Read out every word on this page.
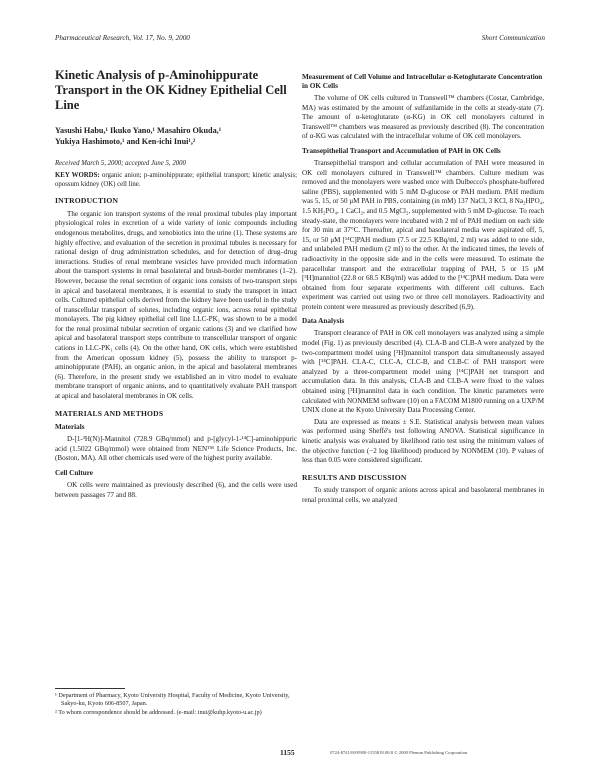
Pharmaceutical Research, Vol. 17, No. 9, 2000	Short Communication
Kinetic Analysis of p-Aminohippurate Transport in the OK Kidney Epithelial Cell Line
Yasushi Habu,¹ Ikuko Yano,¹ Masahiro Okuda,¹
Yukiya Hashimoto,¹ and Ken-ichi Inui¹,²
Received March 5, 2000; accepted June 5, 2000
KEY WORDS: organic anion; p-aminohippurate; epithelial transport; kinetic analysis; opossum kidney (OK) cell line.
INTRODUCTION

The organic ion transport systems of the renal proximal tubules play important physiological roles in excretion of a wide variety of ionic compounds including endogenous metabolites, drugs, and xenobiotics into the urine (1). These systems are highly effective, and evaluation of the secretion in proximal tubules is necessary for rational design of drug administration schedules, and for detection of drug–drug interactions. Studies of renal membrane vesicles have provided much information about the transport systems in renal basolateral and brush-border membranes (1–2). However, because the renal secretion of organic ions consists of two-transport steps in apical and basolateral membranes, it is essential to study the transport in intact cells. Cultured epithelial cells derived from the kidney have been useful in the study of transcellular transport of solutes, including organic ions, across renal epithelial monolayers. The pig kidney epithelial cell line LLC-PK₁ was shown to be a model for the renal proximal tubular secretion of organic cations (3) and we clarified how apical and basolateral transport steps contribute to transcellular transport of organic cations in LLC-PK₁ cells (4). On the other hand, OK cells, which were established from the American opossum kidney (5), possess the ability to transport p-aminohippurate (PAH), an organic anion, in the apical and basolateral membranes (6). Therefore, in the present study we established an in vitro model to evaluate membrane transport of organic anions, and to quantitatively evaluate PAH transport at apical and basolateral membranes in OK cells.

MATERIALS AND METHODS
Materials

D-[1-³H(N)]-Mannitol (728.9 GBq/mmol) and p-[glycyl-1-¹⁴C]-aminohippuric acid (1.5022 GBq/mmol) were obtained from NEN™ Life Science Products, Inc. (Boston, MA). All other chemicals used were of the highest purity available.

Cell Culture

OK cells were maintained as previously described (6), and the cells were used between passages 77 and 88.

¹ Department of Pharmacy, Kyoto University Hospital, Faculty of Medicine, Kyoto University, Sakyo-ku, Kyoto 606-8507, Japan.

² To whom correspondence should be addressed. (e-mail: inui@kuhp.kyoto-u.ac.jp)

Measurement of Cell Volume and Intracellular α-Ketoglutarate Concentration in OK Cells

The volume of OK cells cultured in Transwell™ chambers (Costar, Cambridge, MA) was estimated by the amount of sulfanilamide in the cells at steady-state (7). The amount of α-ketoglutarate (α-KG) in OK cell monolayers cultured in Transwell™ chambers was measured as previously described (8). The concentration of α-KG was calculated with the intracellular volume of OK cell monolayers.

Transepithelial Transport and Accumulation of PAH in OK Cells

Transepithelial transport and cellular accumulation of PAH were measured in OK cell monolayers cultured in Transwell™ chambers. Culture medium was removed and the monolayers were washed once with Dulbecco's phosphate-buffered saline (PBS), supplemented with 5 mM D-glucose or PAH medium. PAH medium was 5, 15, or 50 μM PAH in PBS, containing (in mM) 137 NaCl, 3 KCl, 8 Na₂HPO₄, 1.5 KH₂PO₄, 1 CaCl₂, and 0.5 MgCl₂, supplemented with 5 mM D-glucose. To reach steady-state, the monolayers were incubated with 2 ml of PAH medium on each side for 30 min at 37°C. Thereafter, apical and basolateral media were aspirated off, 5, 15, or 50 μM [¹⁴C]PAH medium (7.5 or 22.5 KBq/ml, 2 ml) was added to one side, and unlabeled PAH medium (2 ml) to the other. At the indicated times, the levels of radioactivity in the opposite side and in the cells were measured. To estimate the paracellular transport and the extracellular trapping of PAH, 5 or 15 μM [³H]mannitol (22.8 or 68.5 KBq/ml) was added to the [¹⁴C]PAH medium. Data were obtained from four separate experiments with different cell cultures. Each experiment was carried out using two or three cell monolayers. Radioactivity and protein content were measured as previously described (6,9).

Data Analysis

Transport clearance of PAH in OK cell monolayers was analyzed using a simple model (Fig. 1) as previously described (4). CLA-B and CLB-A were analyzed by the two-compartment model using [³H]mannitol transport data simultaneously assayed with [¹⁴C]PAH. CLA-C, CLC-A, CLC-B, and CLB-C of PAH transport were analyzed by a three-compartment model using [¹⁴C]PAH net transport and accumulation data. In this analysis, CLA-B and CLB-A were fixed to the values obtained using [³H]mannitol data in each condition. The kinetic parameters were calculated with NONMEM software (10) on a FACOM M1800 running on a UXP/M UNIX clone at the Kyoto University Data Processing Center.

Data are expressed as means ± S.E. Statistical analysis between mean values was performed using Sheffé's test following ANOVA. Statistical significance in kinetic analysis was evaluated by likelihood ratio test using the minimum values of the objective function (−2 log likelihood) produced by NONMEM (10). P values of less than 0.05 were considered significant.

RESULTS AND DISCUSSION

To study transport of organic anions across apical and basolateral membranes in renal proximal cells, we analyzed

1155	0724-8741/00/0900-1155$18.00/0 © 2000 Plenum Publishing Corporation
